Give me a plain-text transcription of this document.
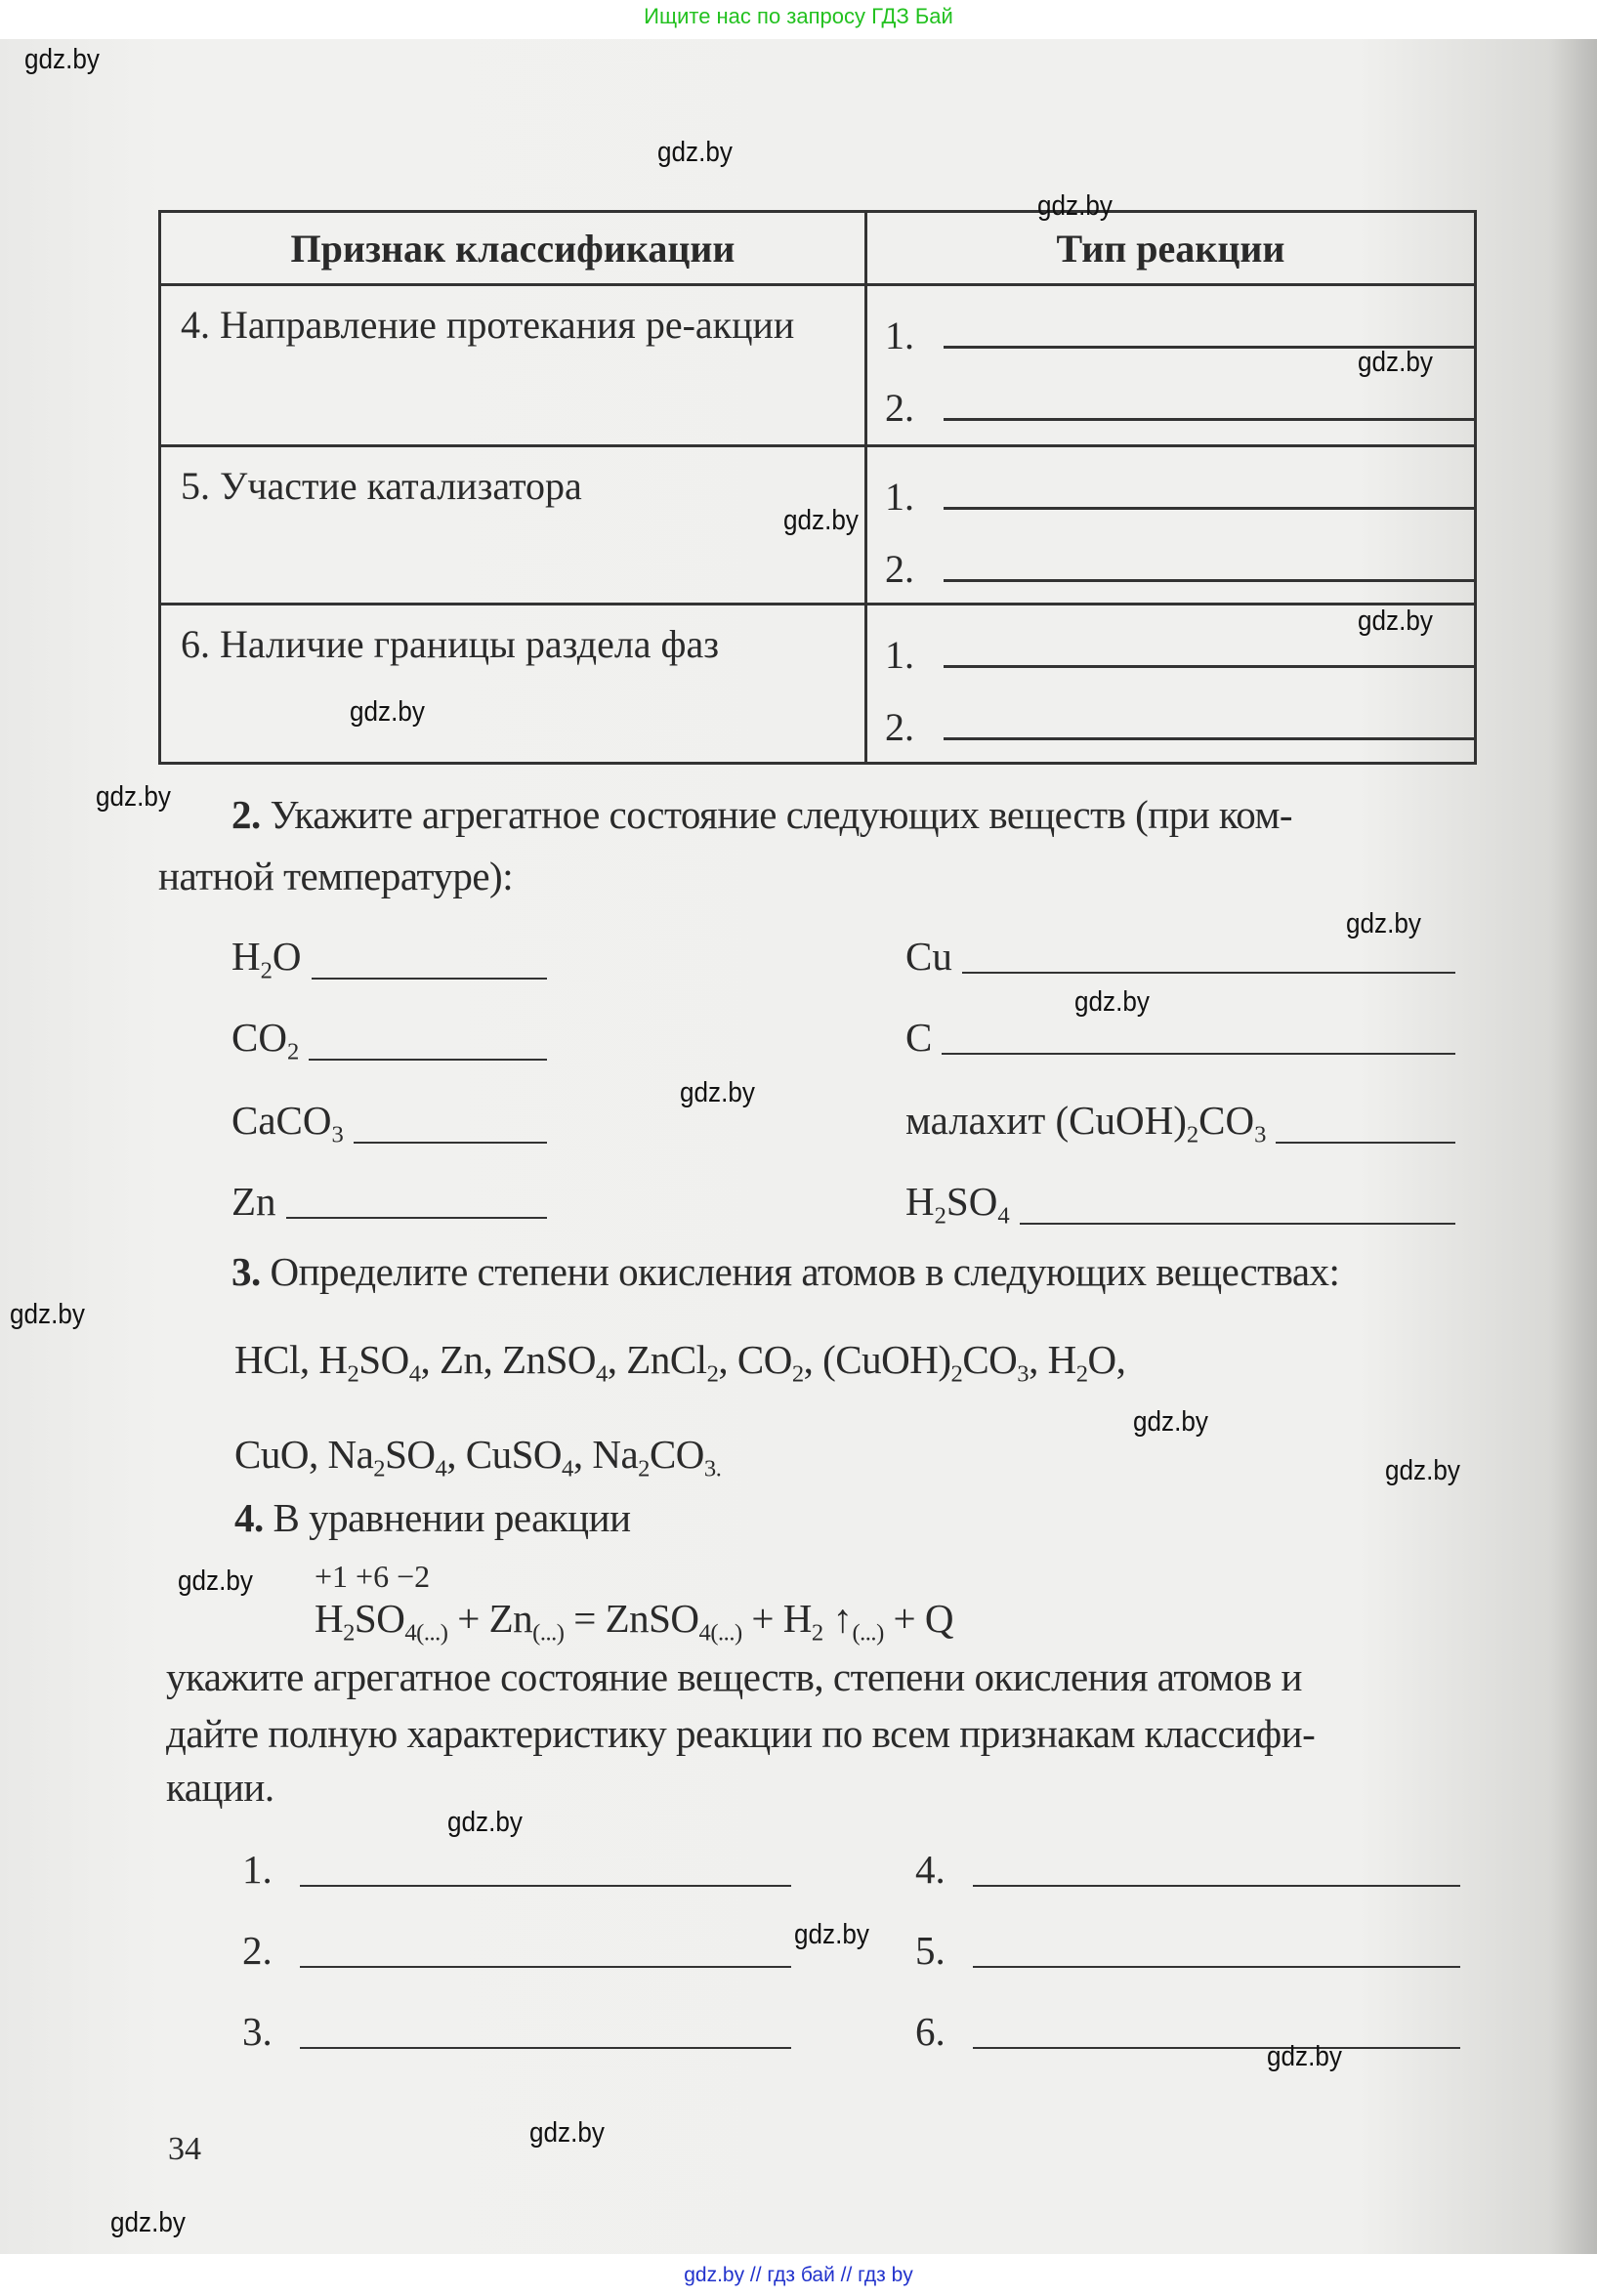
Ищите нас по запросу ГДЗ Бай
Признак классификации	Тип реакции
4. Направление протекания ре-акции	1.
2.

5. Участие катализатора	1.
2.

6. Наличие границы раздела фаз	1.
2.
2. Укажите агрегатное состояние следующих веществ (при ком-
натной температуре):
$H_2O$
$CO_2$
CaCO$_3$
Zn
Cu
C
малахит $(CuOH)_2CO_3$
$H_2SO_4$
3. Определите степени окисления атомов в следующих веществах:
HCl, $H_2SO_4$, Zn, ZnSO$_4$, ZnCl$_2$, $CO_2$, $(CuOH)_2CO_3$, $H_2O$,
CuO, $Na_2SO_4$, CuSO$_4$, $Na_2CO_{3.}$
4. В уравнении реакции
+1 +6 −2
$H_2SO_{4(...)} + Zn_{(...)}$ = ZnSO$_{4(...)}$ + $H_2$ $↑_{(...)} + Q$
укажите агрегатное состояние веществ, степени окисления атомов и
дайте полную характеристику реакции по всем признакам классифи-
кации.
1.
2.
3.
4.
5.
6.
34
gdz.by
gdz.by
gdz.by
gdz.by
gdz.by
gdz.by
gdz.by
gdz.by
gdz.by
gdz.by
gdz.by
gdz.by
gdz.by
gdz.by
gdz.by
gdz.by
gdz.by
gdz.by
gdz.by
gdz.by
gdz.by // гдз бай // гдз by
